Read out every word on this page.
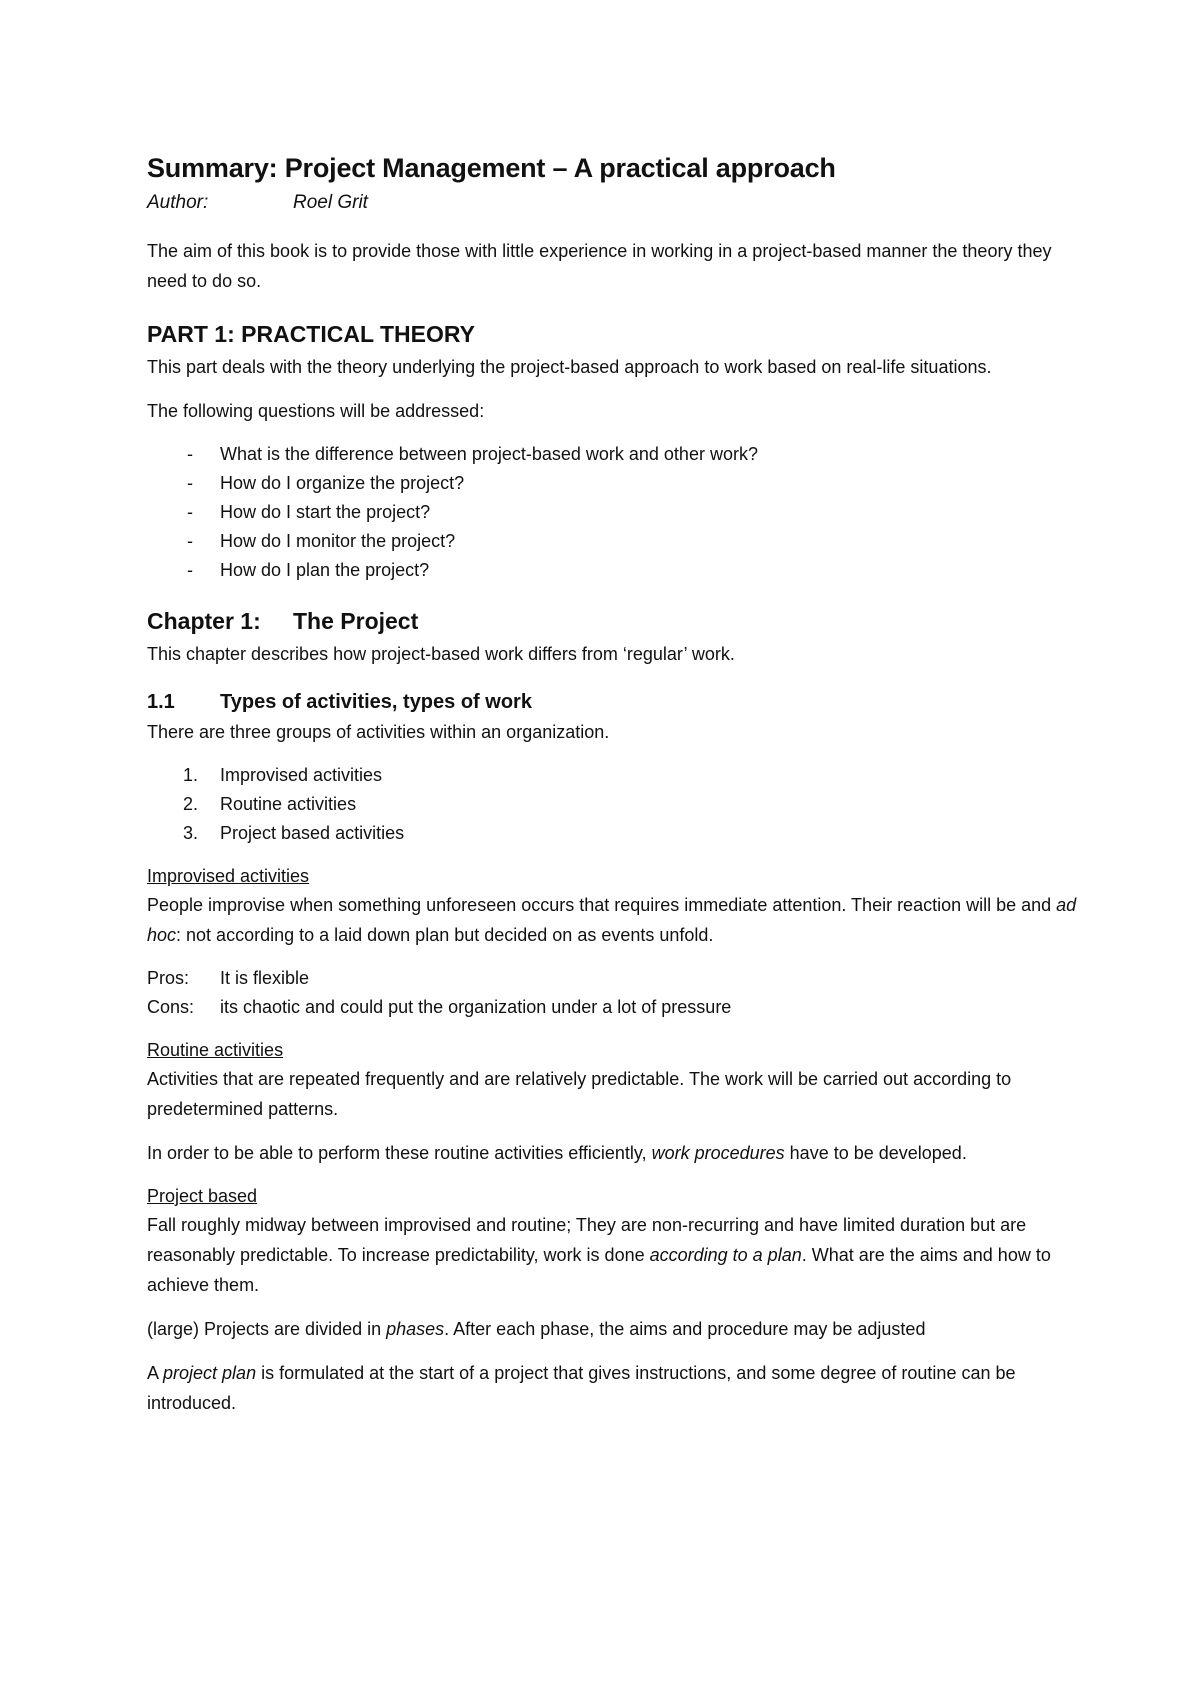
Summary: Project Management – A practical approach
Author:	Roel Grit

The aim of this book is to provide those with little experience in working in a project-based manner the theory they need to do so.

PART 1: PRACTICAL THEORY

This part deals with the theory underlying the project-based approach to work based on real-life situations.

The following questions will be addressed:

-	What is the difference between project-based work and other work?
-	How do I organize the project?
-	How do I start the project?
-	How do I monitor the project?
-	How do I plan the project?
Chapter 1:	The Project

This chapter describes how project-based work differs from ‘regular’ work.

1.1	Types of activities, types of work

There are three groups of activities within an organization.

1.	Improvised activities
2.	Routine activities
3.	Project based activities
Improvised activities

People improvise when something unforeseen occurs that requires immediate attention. Their reaction will be and ad hoc: not according to a laid down plan but decided on as events unfold.

Pros:	It is flexible
Cons:	its chaotic and could put the organization under a lot of pressure
Routine activities

Activities that are repeated frequently and are relatively predictable. The work will be carried out according to predetermined patterns.

In order to be able to perform these routine activities efficiently, work procedures have to be developed.

Project based

Fall roughly midway between improvised and routine; They are non-recurring and have limited duration but are reasonably predictable. To increase predictability, work is done according to a plan. What are the aims and how to achieve them.

(large) Projects are divided in phases. After each phase, the aims and procedure may be adjusted

A project plan is formulated at the start of a project that gives instructions, and some degree of routine can be introduced.
